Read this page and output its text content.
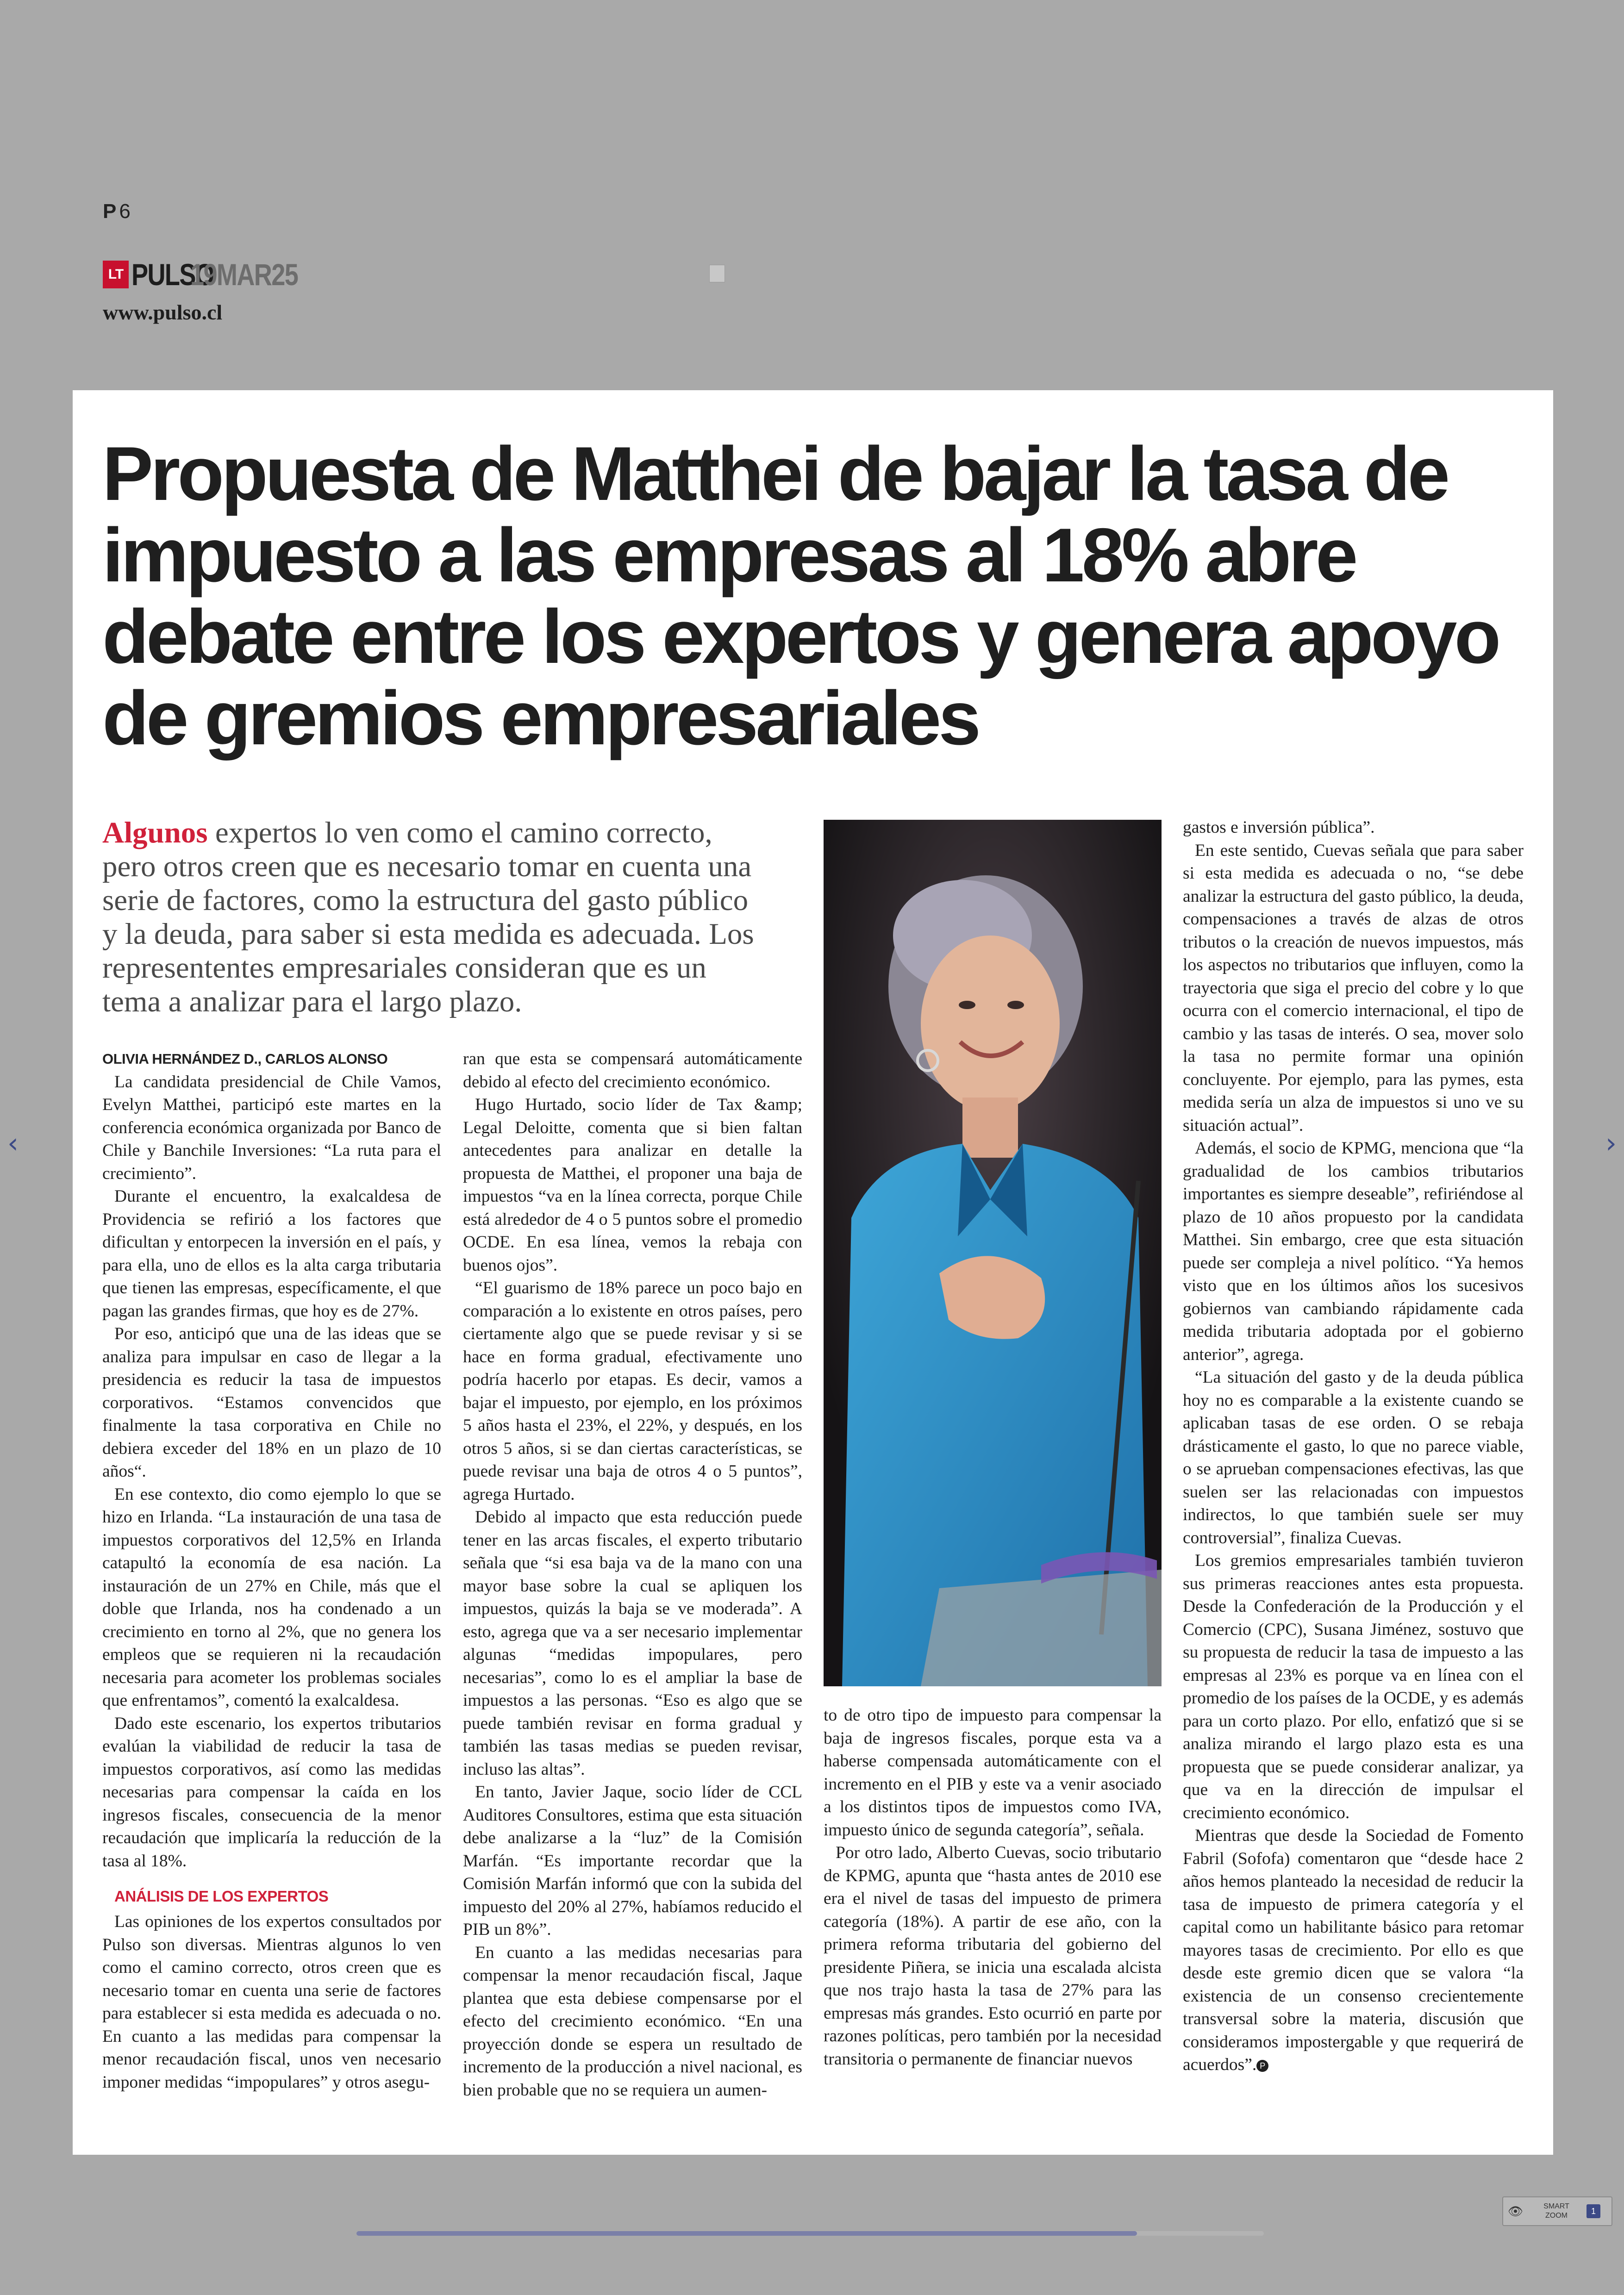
P 6
LT PULSO
19MAR25
www.pulso.cl
‹	›
Propuesta de Matthei de bajar la tasa de impuesto a las empresas al 18% abre debate entre los expertos y genera apoyo de gremios empresariales

Algunos expertos lo ven como el camino correcto, pero otros creen que es necesario tomar en cuenta una serie de factores, como la estructura del gasto público y la deuda, para saber si esta medida es adecuada. Los represententes empresariales consideran que es un tema a analizar para el largo plazo.

OLIVIA HERNÁNDEZ D., CARLOS ALONSO

La candidata presidencial de Chile Vamos, Evelyn Matthei, participó este martes en la conferencia económica organizada por Banco de Chile y Banchile Inversiones: “La ruta para el crecimiento”.

Durante el encuentro, la exalcaldesa de Providencia se refirió a los factores que dificultan y entorpecen la inversión en el país, y para ella, uno de ellos es la alta carga tributaria que tienen las empresas, específicamente, el que pagan las grandes firmas, que hoy es de 27%.

Por eso, anticipó que una de las ideas que se analiza para impulsar en caso de llegar a la presidencia es reducir la tasa de impuestos corporativos. “Estamos convencidos que finalmente la tasa corporativa en Chile no debiera exceder del 18% en un plazo de 10 años“.

En ese contexto, dio como ejemplo lo que se hizo en Irlanda. “La instauración de una tasa de impuestos corporativos del 12,5% en Irlanda catapultó la economía de esa nación. La instauración de un 27% en Chile, más que el doble que Irlanda, nos ha condenado a un crecimiento en torno al 2%, que no genera los empleos que se requieren ni la recaudación necesaria para acometer los problemas sociales que enfrentamos”, comentó la exalcaldesa.

Dado este escenario, los expertos tributarios evalúan la viabilidad de reducir la tasa de impuestos corporativos, así como las medidas necesarias para compensar la caída en los ingresos fiscales, consecuencia de la menor recaudación que implicaría la reducción de la tasa al 18%.

ANÁLISIS DE LOS EXPERTOS

Las opiniones de los expertos consultados por Pulso son diversas. Mientras algunos lo ven como el camino correcto, otros creen que es necesario tomar en cuenta una serie de factores para establecer si esta medida es adecuada o no. En cuanto a las medidas para compensar la menor recaudación fiscal, unos ven necesario imponer medidas “impopulares” y otros asegu-

ran que esta se compensará automáticamente debido al efecto del crecimiento económico.

Hugo Hurtado, socio líder de Tax &amp; Legal Deloitte, comenta que si bien faltan antecedentes para analizar en detalle la propuesta de Matthei, el proponer una baja de impuestos “va en la línea correcta, porque Chile está alrededor de 4 o 5 puntos sobre el promedio OCDE. En esa línea, vemos la rebaja con buenos ojos”.

“El guarismo de 18% parece un poco bajo en comparación a lo existente en otros países, pero ciertamente algo que se puede revisar y si se hace en forma gradual, efectivamente uno podría hacerlo por etapas. Es decir, vamos a bajar el impuesto, por ejemplo, en los próximos 5 años hasta el 23%, el 22%, y después, en los otros 5 años, si se dan ciertas características, se puede revisar una baja de otros 4 o 5 puntos”, agrega Hurtado.

Debido al impacto que esta reducción puede tener en las arcas fiscales, el experto tributario señala que “si esa baja va de la mano con una mayor base sobre la cual se apliquen los impuestos, quizás la baja se ve moderada”. A esto, agrega que va a ser necesario implementar algunas “medidas impopulares, pero necesarias”, como lo es el ampliar la base de impuestos a las personas. “Eso es algo que se puede también revisar en forma gradual y también las tasas medias se pueden revisar, incluso las altas”.

En tanto, Javier Jaque, socio líder de CCL Auditores Consultores, estima que esta situación debe analizarse a la “luz” de la Comisión Marfán. “Es importante recordar que la Comisión Marfán informó que con la subida del impuesto del 20% al 27%, habíamos reducido el PIB un 8%”.

En cuanto a las medidas necesarias para compensar la menor recaudación fiscal, Jaque plantea que esta debiese compensarse por el efecto del crecimiento económico. “En una proyección donde se espera un resultado de incremento de la producción a nivel nacional, es bien probable que no se requiera un aumen-

to de otro tipo de impuesto para compensar la baja de ingresos fiscales, porque esta va a haberse compensada automáticamente con el incremento en el PIB y este va a venir asociado a los distintos tipos de impuestos como IVA, impuesto único de segunda categoría”, señala.

Por otro lado, Alberto Cuevas, socio tributario de KPMG, apunta que “hasta antes de 2010 ese era el nivel de tasas del impuesto de primera categoría (18%). A partir de ese año, con la primera reforma tributaria del gobierno del presidente Piñera, se inicia una escalada alcista que nos trajo hasta la tasa de 27% para las empresas más grandes. Esto ocurrió en parte por razones políticas, pero también por la necesidad transitoria o permanente de financiar nuevos

gastos e inversión pública”.

En este sentido, Cuevas señala que para saber si esta medida es adecuada o no, “se debe analizar la estructura del gasto público, la deuda, compensaciones a través de alzas de otros tributos o la creación de nuevos impuestos, más los aspectos no tributarios que influyen, como la trayectoria que siga el precio del cobre y lo que ocurra con el comercio internacional, el tipo de cambio y las tasas de interés. O sea, mover solo la tasa no permite formar una opinión concluyente. Por ejemplo, para las pymes, esta medida sería un alza de impuestos si uno ve su situación actual”.

Además, el socio de KPMG, menciona que “la gradualidad de los cambios tributarios importantes es siempre deseable”, refiriéndose al plazo de 10 años propuesto por la candidata Matthei. Sin embargo, cree que esta situación puede ser compleja a nivel político. “Ya hemos visto que en los últimos años los sucesivos gobiernos van cambiando rápidamente cada medida tributaria adoptada por el gobierno anterior”, agrega.

“La situación del gasto y de la deuda pública hoy no es comparable a la existente cuando se aplicaban tasas de ese orden. O se rebaja drásticamente el gasto, lo que no parece viable, o se aprueban compensaciones efectivas, las que suelen ser las relacionadas con impuestos indirectos, lo que también suele ser muy controversial”, finaliza Cuevas.

Los gremios empresariales también tuvieron sus primeras reacciones antes esta propuesta. Desde la Confederación de la Producción y el Comercio (CPC), Susana Jiménez, sostuvo que su propuesta de reducir la tasa de impuesto a las empresas al 23% es porque va en línea con el promedio de los países de la OCDE, y es además para un corto plazo. Por ello, enfatizó que si se analiza mirando el largo plazo esta es una propuesta que se puede considerar analizar, ya que va en la dirección de impulsar el crecimiento económico.

Mientras que desde la Sociedad de Fomento Fabril (Sofofa) comentaron que “desde hace 2 años hemos planteado la necesidad de reducir la tasa de impuesto de primera categoría y el capital como un habilitante básico para retomar mayores tasas de crecimiento. Por ello es que desde este gremio dicen que se valora “la existencia de un consenso crecientemente transversal sobre la materia, discusión que consideramos impostergable y que requerirá de acuerdos”. P

👁	SMART
ZOOM	1
